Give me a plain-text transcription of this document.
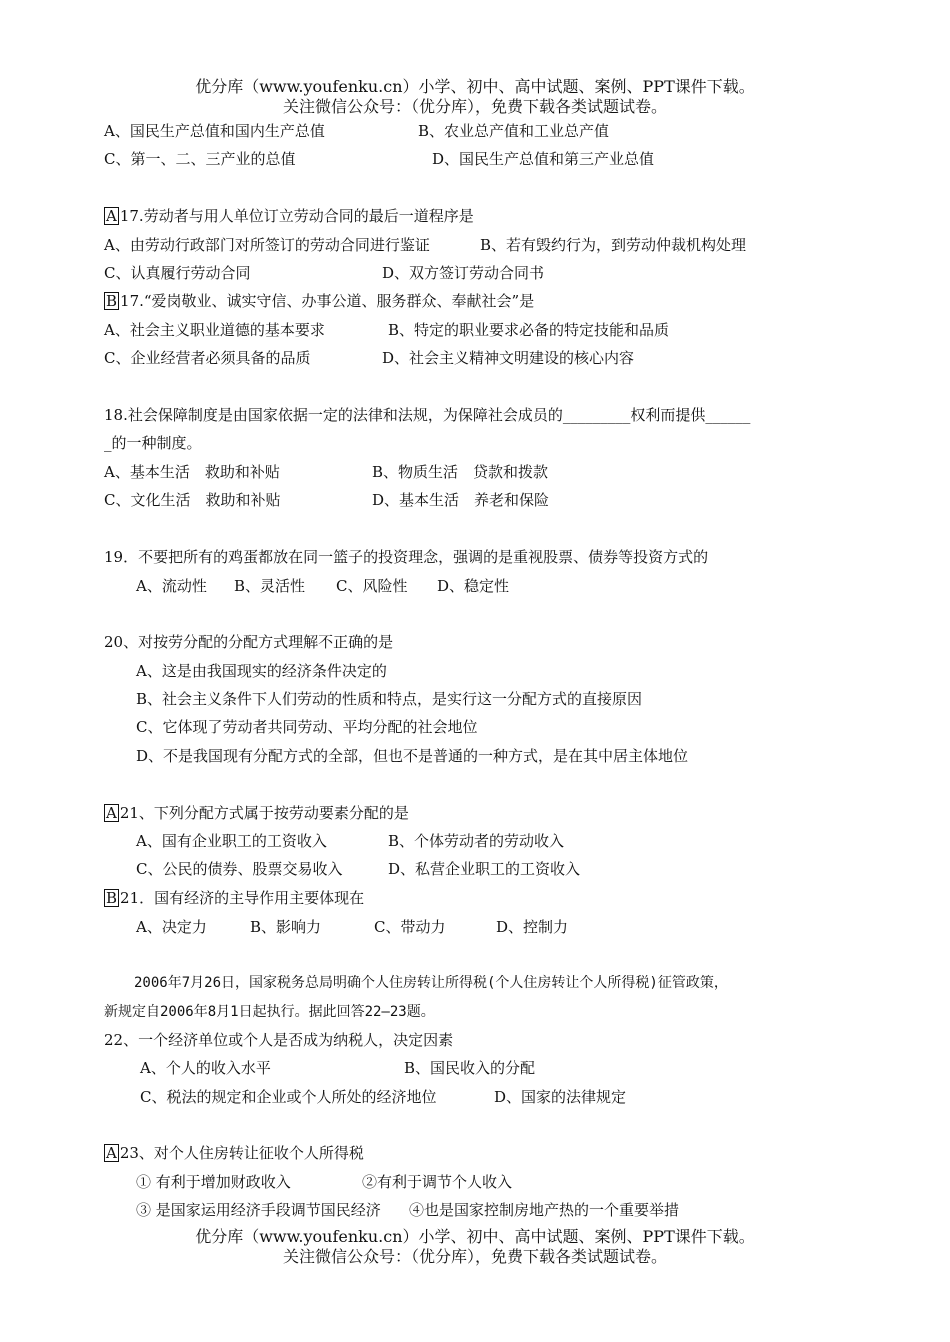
优分库（www.youfenku.cn）小学、初中、高中试题、案例、PPT课件下载。
关注微信公众号：（优分库），免费下载各类试题试卷。
A、国民生产总值和国内生产总值	B、农业总产值和工业总产值
C、第一、二、三产业的总值	D、国民生产总值和第三产业总值
A 17.劳动者与用人单位订立劳动合同的最后一道程序是
A、由劳动行政部门对所签订的劳动合同进行鉴证	B、若有毁约行为，到劳动仲裁机构处理
C、认真履行劳动合同	D、双方签订劳动合同书
B 17.“爱岗敬业、诚实守信、办事公道、服务群众、奉献社会”是
A、社会主义职业道德的基本要求	B、特定的职业要求必备的特定技能和品质
C、企业经营者必须具备的品质	D、社会主义精神文明建设的核心内容
18.社会保障制度是由国家依据一定的法律和法规，为保障社会成员的_________权利而提供______
_的一种制度。
A、基本生活　救助和补贴	B、物质生活　贷款和拨款
C、文化生活　救助和补贴	D、基本生活　养老和保险
19．不要把所有的鸡蛋都放在同一篮子的投资理念，强调的是重视股票、债券等投资方式的
A、流动性 B、灵活性 C、风险性 D、稳定性
20、对按劳分配的分配方式理解不正确的是
A、这是由我国现实的经济条件决定的
B、社会主义条件下人们劳动的性质和特点，是实行这一分配方式的直接原因
C、它体现了劳动者共同劳动、平均分配的社会地位
D、不是我国现有分配方式的全部，但也不是普通的一种方式，是在其中居主体地位
A 21、下列分配方式属于按劳动要素分配的是
A、国有企业职工的工资收入	B、个体劳动者的劳动收入
C、公民的债券、股票交易收入	D、私营企业职工的工资收入
B 21．国有经济的主导作用主要体现在
A、决定力	B、影响力	C、带动力	D、控制力
2006年7月26日，国家税务总局明确个人住房转让所得税(个人住房转让个人所得税)征管政策，
新规定自2006年8月1日起执行。据此回答22—23题。
22、一个经济单位或个人是否成为纳税人，决定因素
A、个人的收入水平	B、国民收入的分配
C、税法的规定和企业或个人所处的经济地位	D、国家的法律规定
A 23、对个人住房转让征收个人所得税
① 有利于增加财政收入	②有利于调节个人收入
③ 是国家运用经济手段调节国民经济 ④也是国家控制房地产热的一个重要举措
优分库（www.youfenku.cn）小学、初中、高中试题、案例、PPT课件下载。
关注微信公众号：（优分库），免费下载各类试题试卷。
